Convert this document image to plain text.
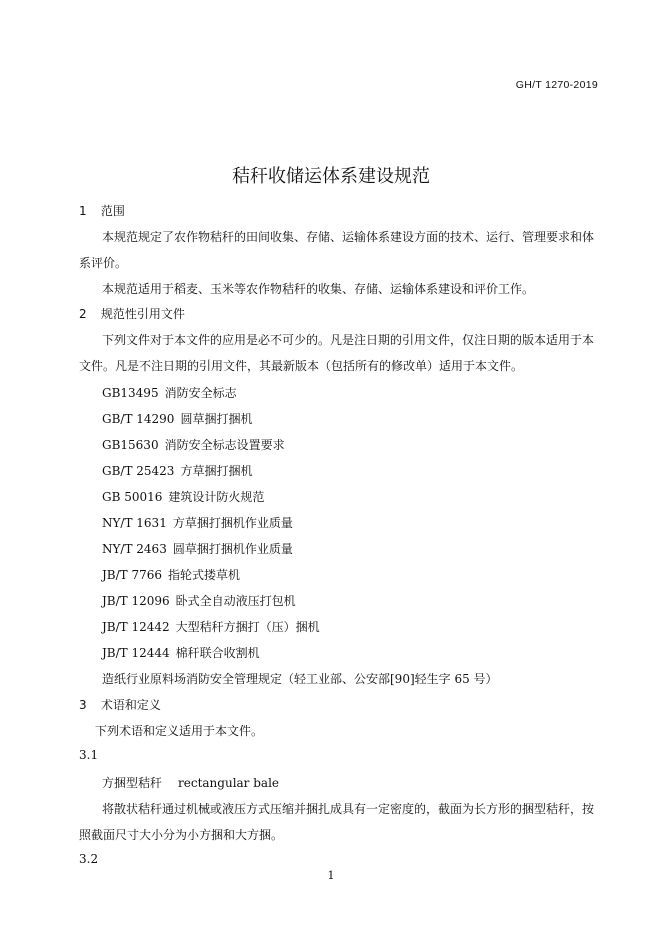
GH/T 1270-2019
秸秆收储运体系建设规范
1 范围
本规范规定了农作物秸秆的田间收集、存储、运输体系建设方面的技术、运行、管理要求和体
系评价。
本规范适用于稻麦、玉米等农作物秸秆的收集、存储、运输体系建设和评价工作。
2 规范性引用文件
下列文件对于本文件的应用是必不可少的。凡是注日期的引用文件，仅注日期的版本适用于本
文件。凡是不注日期的引用文件，其最新版本（包括所有的修改单）适用于本文件。
GB13495 消防安全标志
GB/T 14290 圆草捆打捆机
GB15630 消防安全标志设置要求
GB/T 25423 方草捆打捆机
GB 50016 建筑设计防火规范
NY/T 1631 方草捆打捆机作业质量
NY/T 2463 圆草捆打捆机作业质量
JB/T 7766 指轮式搂草机
JB/T 12096 卧式全自动液压打包机
JB/T 12442 大型秸秆方捆打（压）捆机
JB/T 12444 棉秆联合收割机
造纸行业原料场消防安全管理规定（轻工业部、公安部[90]轻生字 65 号）
3 术语和定义
下列术语和定义适用于本文件。
3.1
方捆型秸秆 rectangular bale
将散状秸秆通过机械或液压方式压缩并捆扎成具有一定密度的，截面为长方形的捆型秸秆，按
照截面尺寸大小分为小方捆和大方捆。
3.2
1
